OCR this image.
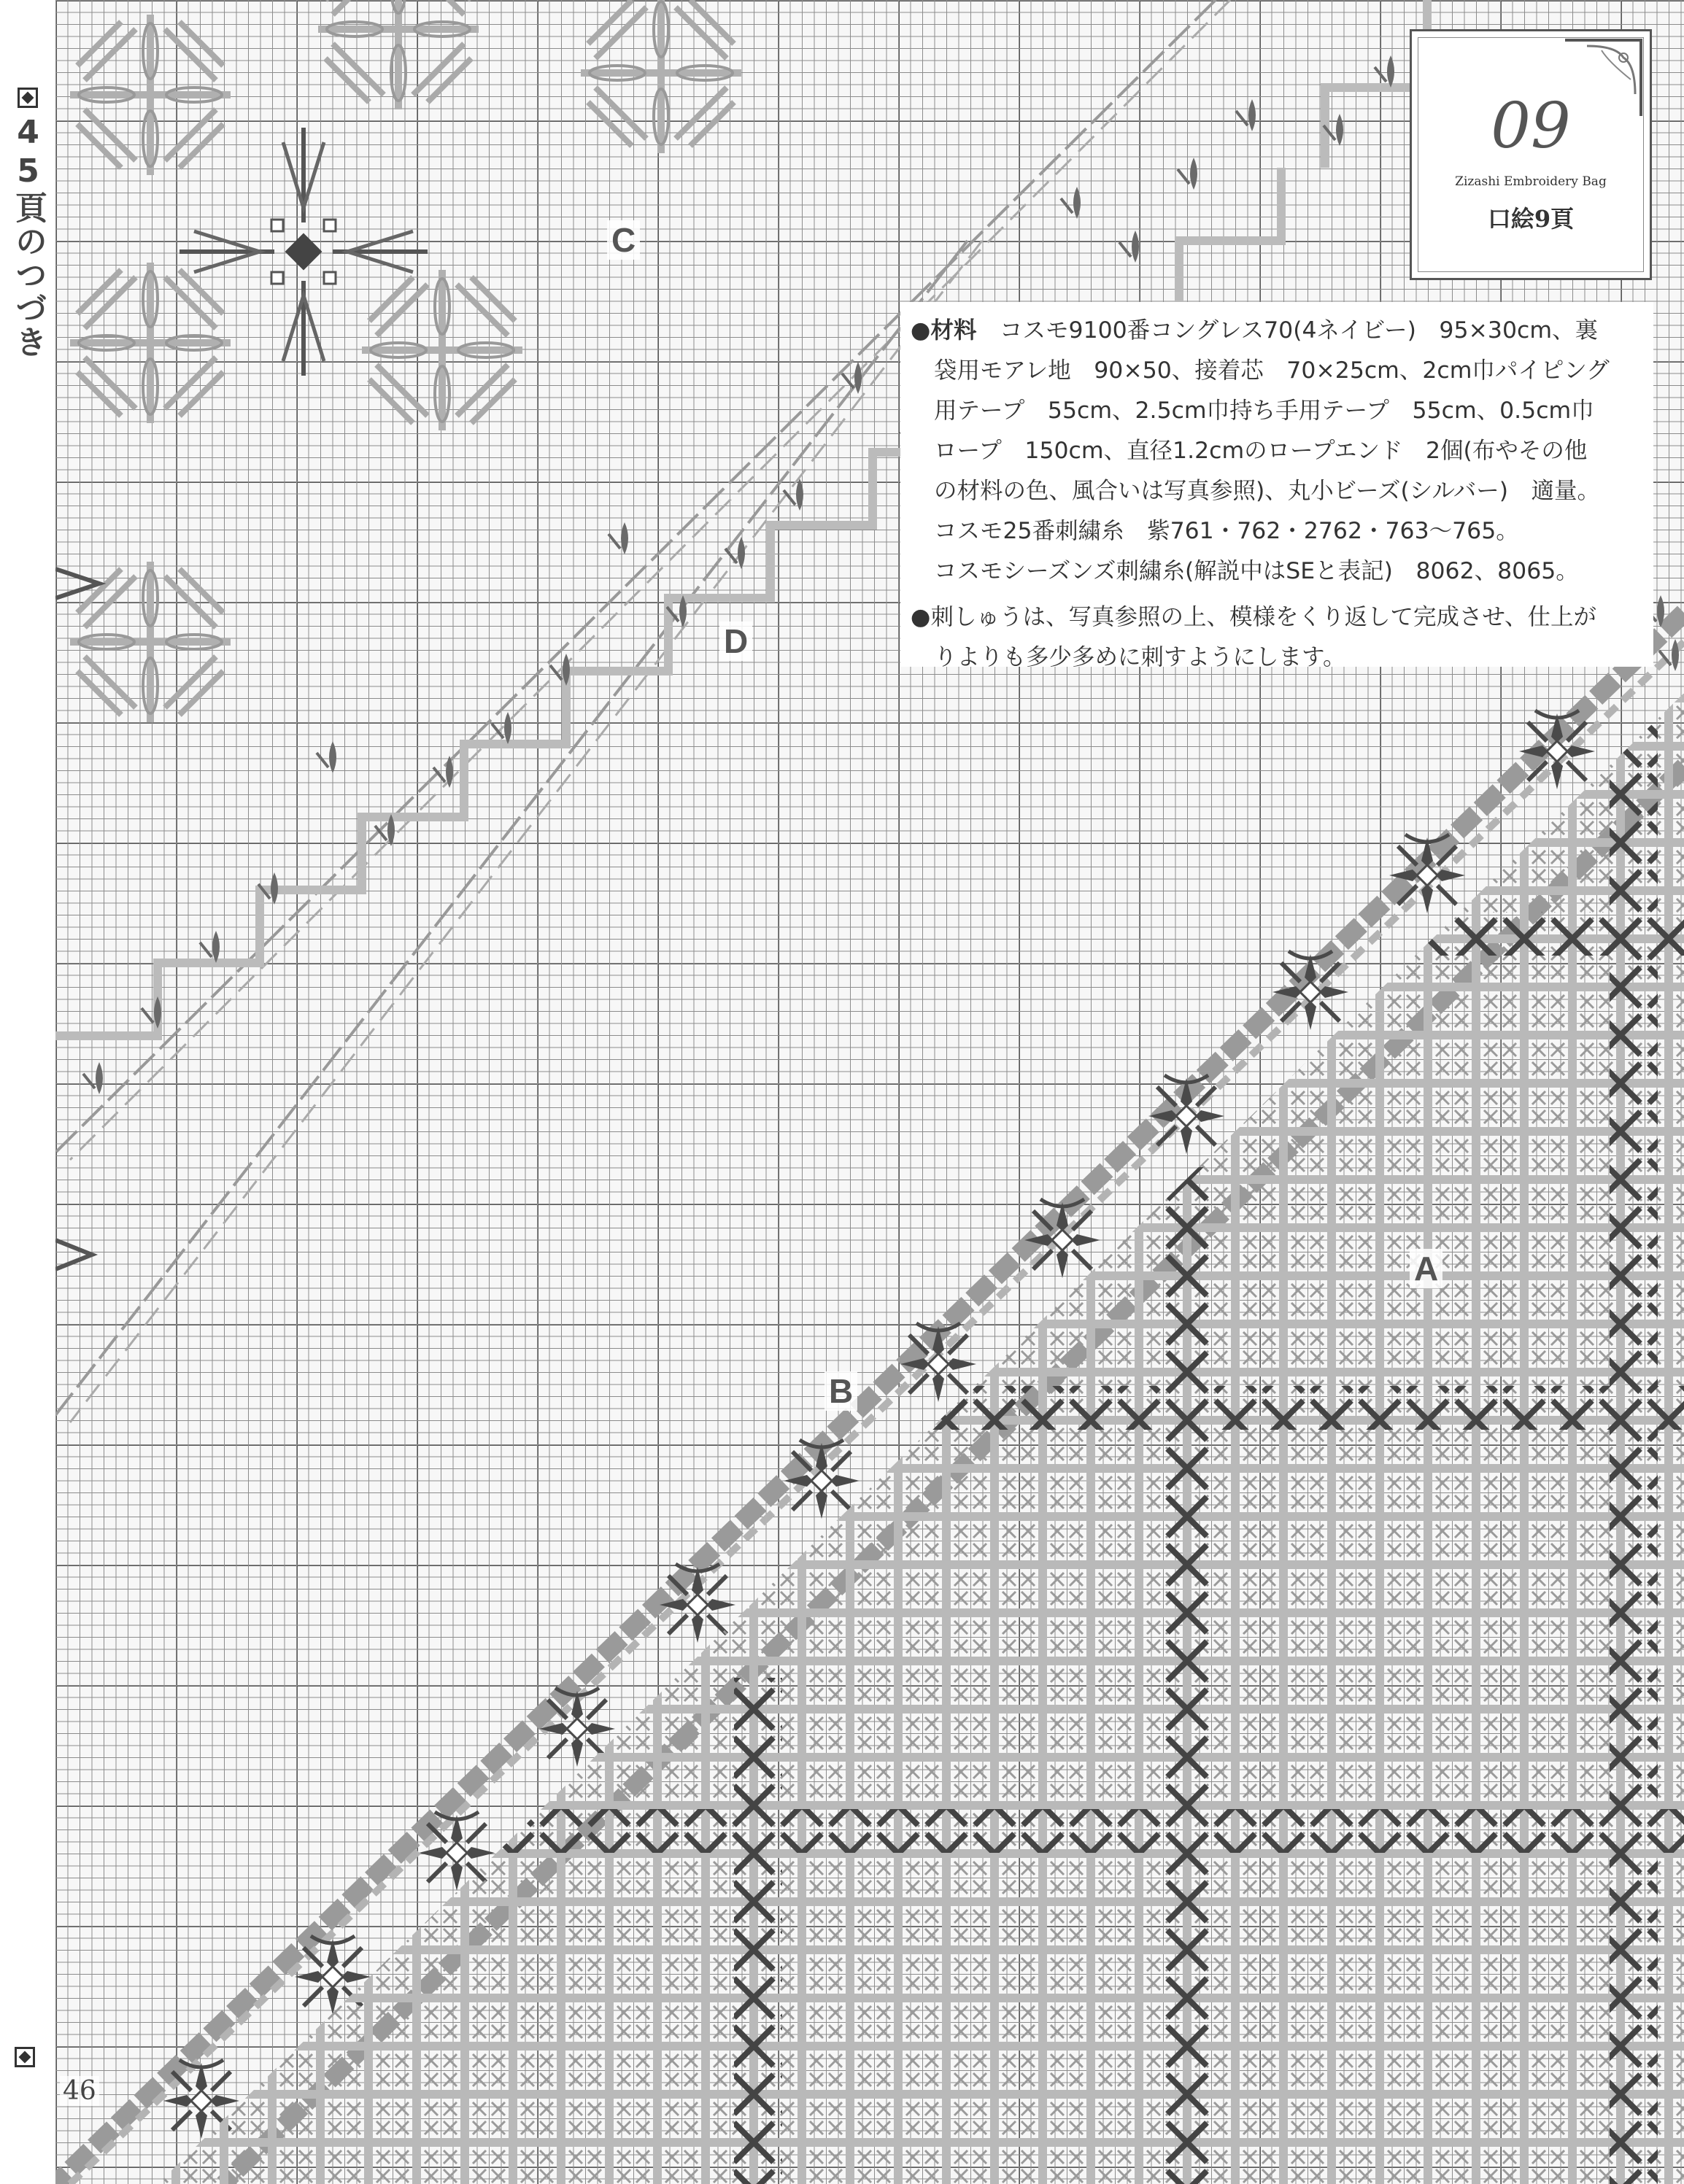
C
D
B
A
09
Zizashi Embroidery Bag
口絵9頁

●材料　 コスモ9100番コングレス70(4ネイビー)　95×30cm、裏

袋用モアレ地　90×50、接着芯　70×25cm、2cm巾パイピング

用テープ　55cm、2.5cm巾持ち手用テープ　55cm、0.5cm巾

ロープ　150cm、直径1.2cmのロープエンド　2個(布やその他

の材料の色、風合いは写真参照)、丸小ビーズ(シルバー)　適量。

コスモ25番刺繍糸　紫761・762・2762・763～765。

コスモシーズンズ刺繍糸(解説中はSEと表記)　8062、8065。

●刺しゅうは、写真参照の上、模様をくり返して完成させ、仕上が

りよりも多少多めに刺すようにします。

45頁のつづき
46
